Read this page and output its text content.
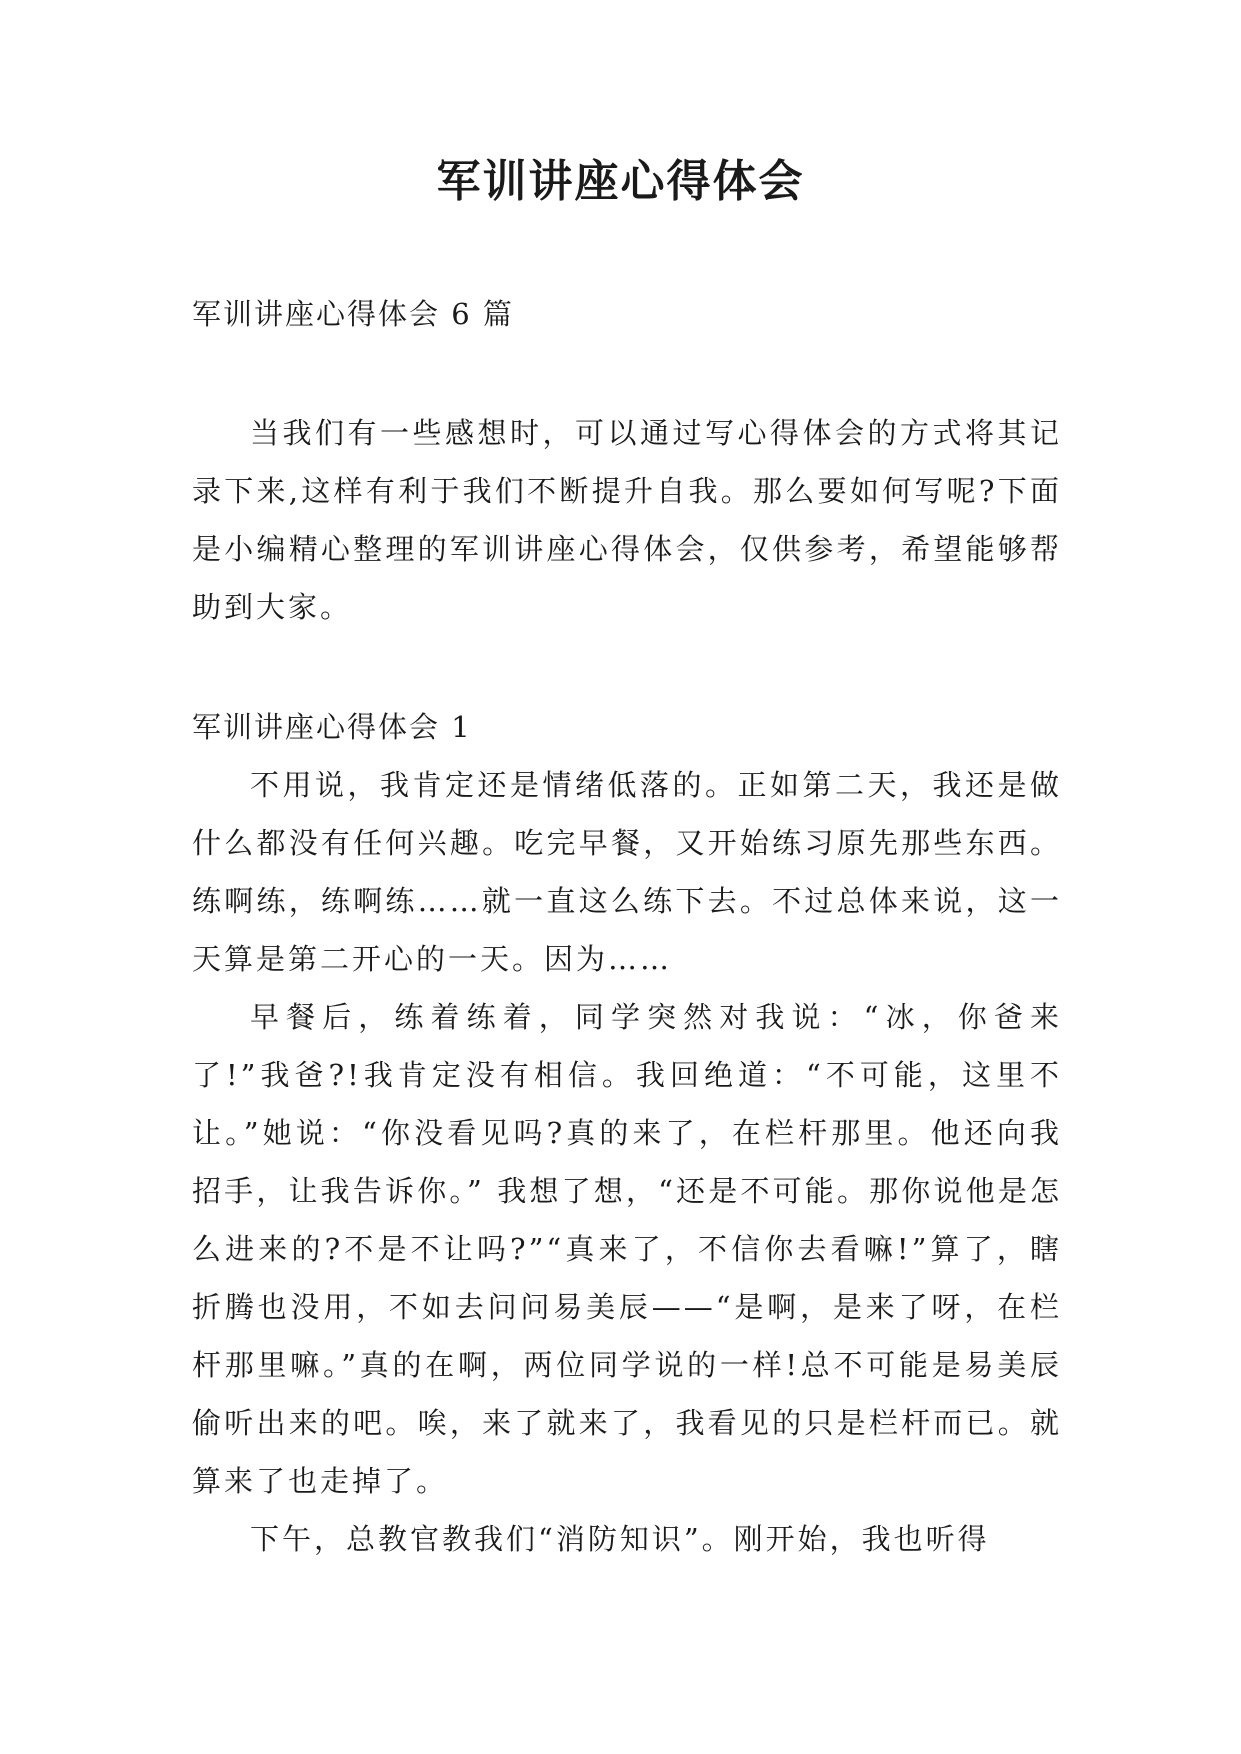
军训讲座心得体会

军训讲座心得体会 6 篇

当我们有一些感想时，可以通过写心得体会的方式将其记录下来,这样有利于我们不断提升自我。那么要如何写呢?下面是小编精心整理的军训讲座心得体会，仅供参考，希望能够帮助到大家。

军训讲座心得体会 1

不用说，我肯定还是情绪低落的。正如第二天，我还是做什么都没有任何兴趣。吃完早餐，又开始练习原先那些东西。练啊练，练啊练……就一直这么练下去。不过总体来说，这一天算是第二开心的一天。因为……

早餐后，练着练着，同学突然对我说：“冰，你爸来了!”我爸?!我肯定没有相信。我回绝道：“不可能，这里不让。”她说：“你没看见吗?真的来了，在栏杆那里。他还向我招手，让我告诉你。” 我想了想，“还是不可能。那你说他是怎么进来的?不是不让吗?”“真来了，不信你去看嘛!”算了，瞎折腾也没用，不如去问问易美辰——“是啊，是来了呀，在栏杆那里嘛。”真的在啊，两位同学说的一样!总不可能是易美辰偷听出来的吧。唉，来了就来了，我看见的只是栏杆而已。就算来了也走掉了。

下午，总教官教我们“消防知识”。刚开始，我也听得
